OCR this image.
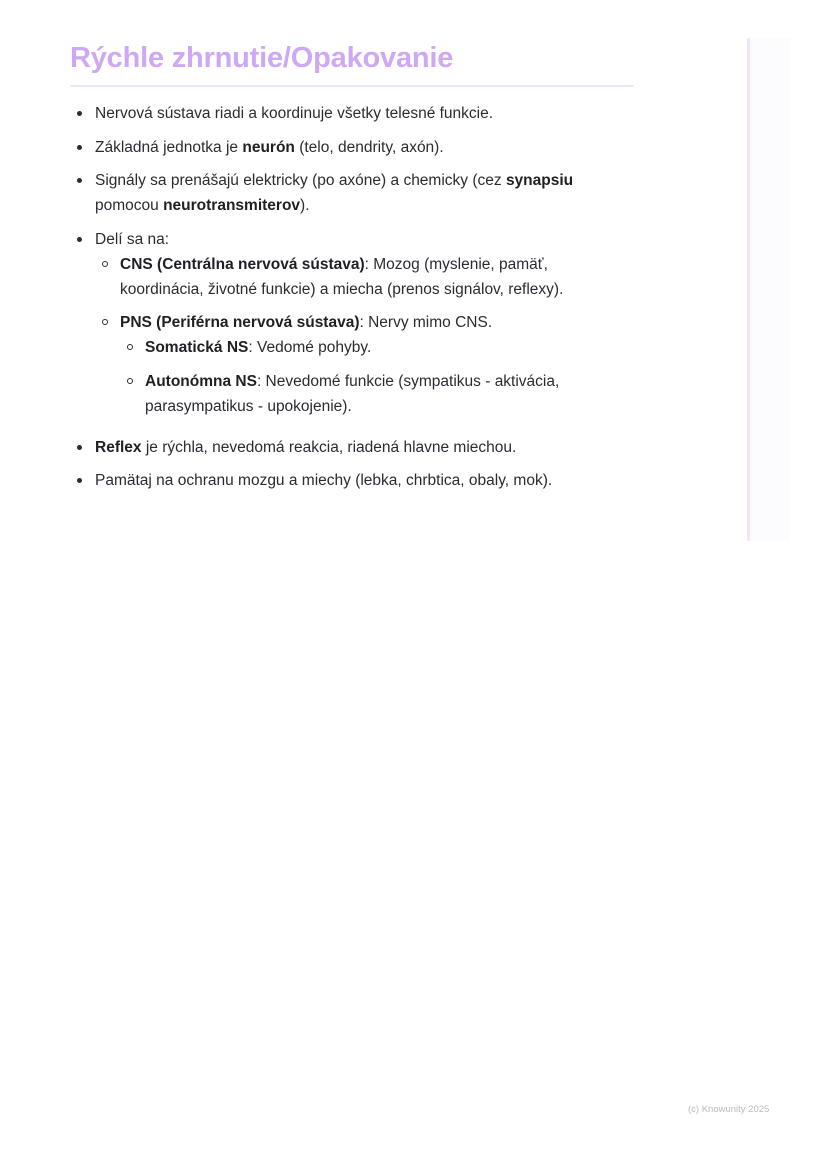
Rýchle zhrnutie/Opakovanie
Nervová sústava riadi a koordinuje všetky telesné funkcie.
Základná jednotka je neurón (telo, dendrity, axón).
Signály sa prenášajú elektricky (po axóne) a chemicky (cez synapsiu pomocou neurotransmiterov).
Delí sa na:
CNS (Centrálna nervová sústava): Mozog (myslenie, pamäť, koordinácia, životné funkcie) a miecha (prenos signálov, reflexy).
PNS (Periférna nervová sústava): Nervy mimo CNS.
Somatická NS: Vedomé pohyby.
Autonómna NS: Nevedomé funkcie (sympatikus - aktivácia, parasympatikus - upokojenie).
Reflex je rýchla, nevedomá reakcia, riadená hlavne miechou.
Pamätaj na ochranu mozgu a miechy (lebka, chrbtica, obaly, mok).
(c) Knowunity 2025
